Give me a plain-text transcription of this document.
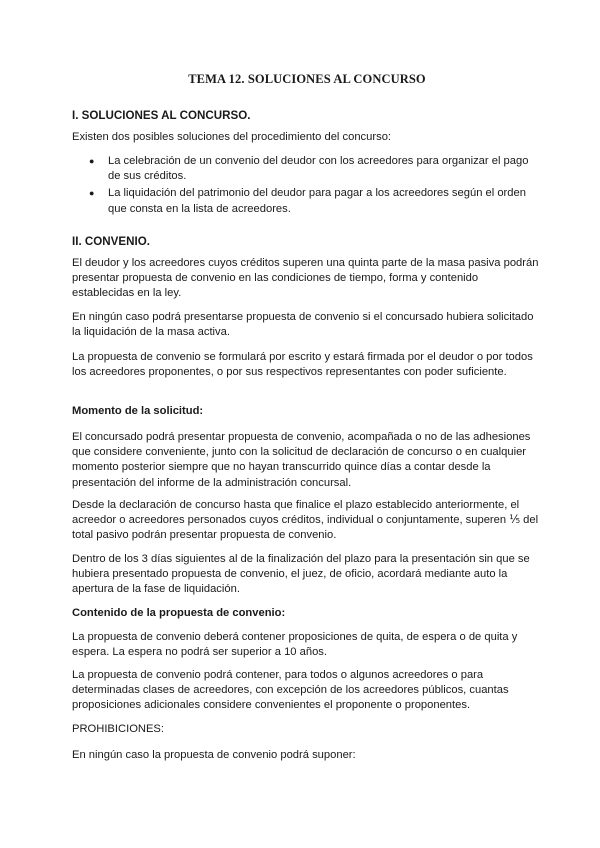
TEMA 12. SOLUCIONES AL CONCURSO
I. SOLUCIONES AL CONCURSO.
Existen dos posibles soluciones del procedimiento del concurso:
● La celebración de un convenio del deudor con los acreedores para organizar el pago de sus créditos.
● La liquidación del patrimonio del deudor para pagar a los acreedores según el orden que consta en la lista de acreedores.
II. CONVENIO.
El deudor y los acreedores cuyos créditos superen una quinta parte de la masa pasiva podrán presentar propuesta de convenio en las condiciones de tiempo, forma y contenido establecidas en la ley.
En ningún caso podrá presentarse propuesta de convenio si el concursado hubiera solicitado la liquidación de la masa activa.
La propuesta de convenio se formulará por escrito y estará firmada por el deudor o por todos los acreedores proponentes, o por sus respectivos representantes con poder suficiente.
Momento de la solicitud:
El concursado podrá presentar propuesta de convenio, acompañada o no de las adhesiones que considere conveniente, junto con la solicitud de declaración de concurso o en cualquier momento posterior siempre que no hayan transcurrido quince días a contar desde la presentación del informe de la administración concursal.
Desde la declaración de concurso hasta que finalice el plazo establecido anteriormente, el acreedor o acreedores personados cuyos créditos, individual o conjuntamente, superen ⅕ del total pasivo podrán presentar propuesta de convenio.
Dentro de los 3 días siguientes al de la finalización del plazo para la presentación sin que se hubiera presentado propuesta de convenio, el juez, de oficio, acordará mediante auto la apertura de la fase de liquidación.
Contenido de la propuesta de convenio:
La propuesta de convenio deberá contener proposiciones de quita, de espera o de quita y espera. La espera no podrá ser superior a 10 años.
La propuesta de convenio podrá contener, para todos o algunos acreedores o para determinadas clases de acreedores, con excepción de los acreedores públicos, cuantas proposiciones adicionales considere convenientes el proponente o proponentes.
PROHIBICIONES:
En ningún caso la propuesta de convenio podrá suponer:
